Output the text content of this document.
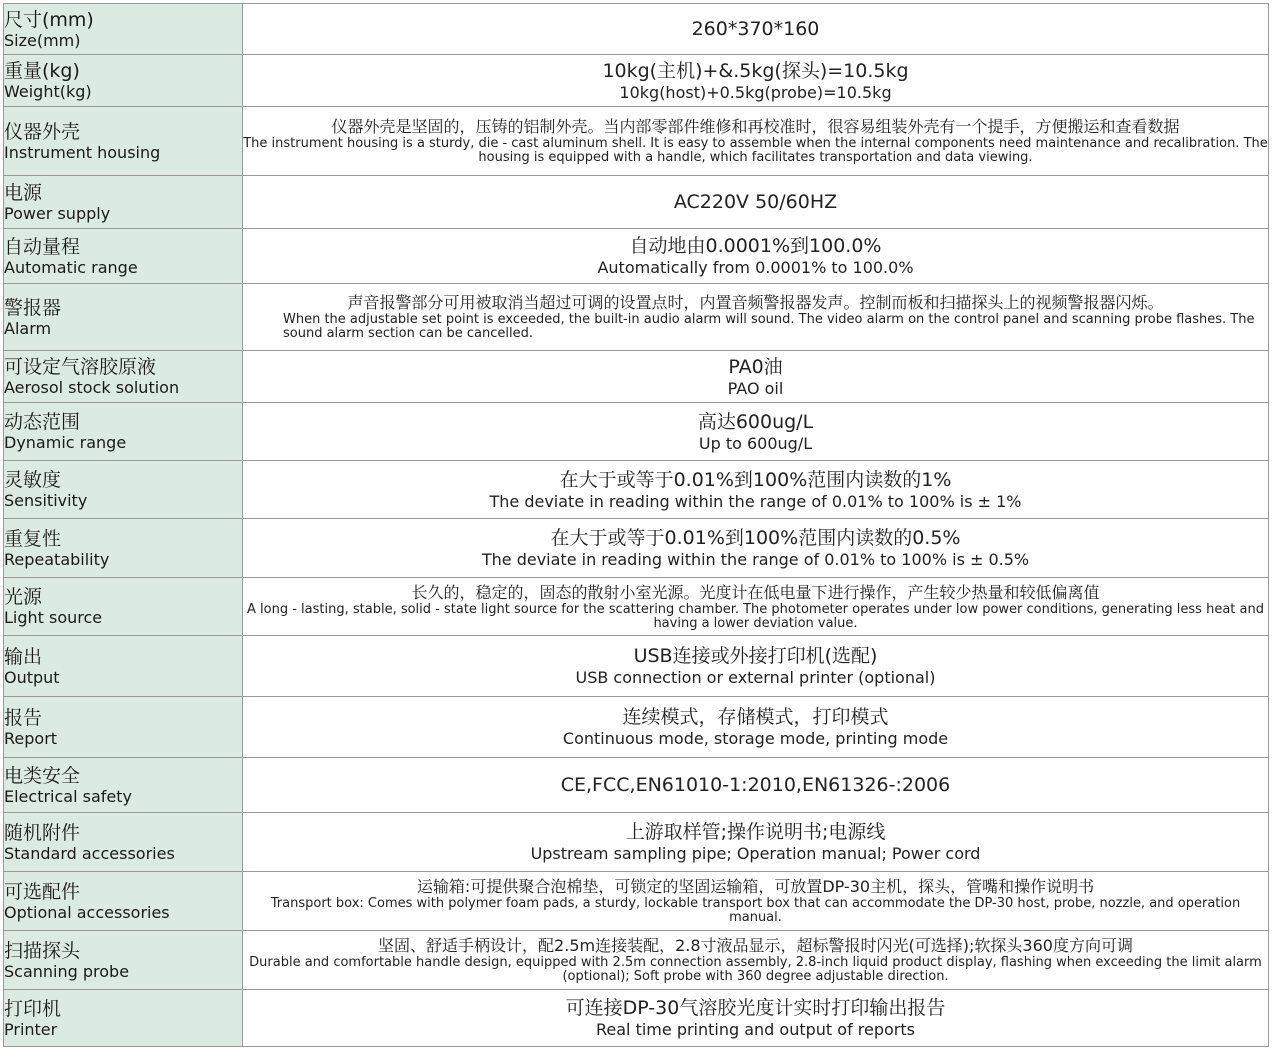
尺寸(mm)
Size(mm)	260*370*160

重量(kg)
Weight(kg)	10kg(主机)+&.5kg(探头)=10.5kg
10kg(host)+0.5kg(probe)=10.5kg

仪器外壳
Instrument housing	仪器外壳是坚固的，压铸的铝制外壳。当内部零部件维修和再校准时，很容易组装外壳有一个提手，方便搬运和查看数据
The instrument housing is a sturdy, die - cast aluminum shell. It is easy to assemble when the internal components need maintenance and recalibration. The housing is equipped with a handle, which facilitates transportation and data viewing.

电源
Power supply	AC220V 50/60HZ

自动量程
Automatic range	自动地由0.0001%到100.0%
Automatically from 0.0001% to 100.0%

警报器
Alarm	声音报警部分可用被取消当超过可调的设置点时，内置音频警报器发声。控制而板和扫描探头上的视频警报器闪烁。
When the adjustable set point is exceeded, the built-in audio alarm will sound. The video alarm on the control panel and scanning probe flashes. The sound alarm section can be cancelled.

可设定气溶胶原液
Aerosol stock solution	PA0油
PAO oil

动态范围
Dynamic range	高达600ug/L
Up to 600ug/L

灵敏度
Sensitivity	在大于或等于0.01%到100%范围内读数的1%
The deviate in reading within the range of 0.01% to 100% is ± 1%

重复性
Repeatability	在大于或等于0.01%到100%范围内读数的0.5%
The deviate in reading within the range of 0.01% to 100% is ± 0.5%

光源
Light source	长久的，稳定的，固态的散射小室光源。光度计在低电量下进行操作，产生较少热量和较低偏离值
A long - lasting, stable, solid - state light source for the scattering chamber. The photometer operates under low power conditions, generating less heat and having a lower deviation value.

输出
Output	USB连接或外接打印机(选配)
USB connection or external printer (optional)

报告
Report	连续模式，存储模式，打印模式
Continuous mode, storage mode, printing mode

电类安全
Electrical safety	CE,FCC,EN61010-1:2010,EN61326-:2006

随机附件
Standard accessories	上游取样管;操作说明书;电源线
Upstream sampling pipe; Operation manual; Power cord

可选配件
Optional accessories	运输箱:可提供聚合泡棉垫，可锁定的坚固运输箱，可放置DP-30主机，探头，管嘴和操作说明书
Transport box: Comes with polymer foam pads, a sturdy, lockable transport box that can accommodate the DP-30 host, probe, nozzle, and operation manual.

扫描探头
Scanning probe	坚固、舒适手柄设计，配2.5m连接装配，2.8寸液品显示，超标警报时闪光(可选择);软探头360度方向可调
Durable and comfortable handle design, equipped with 2.5m connection assembly, 2.8-inch liquid product display, flashing when exceeding the limit alarm (optional); Soft probe with 360 degree adjustable direction.

打印机
Printer	可连接DP-30气溶胶光度计实时打印输出报告
Real time printing and output of reports
